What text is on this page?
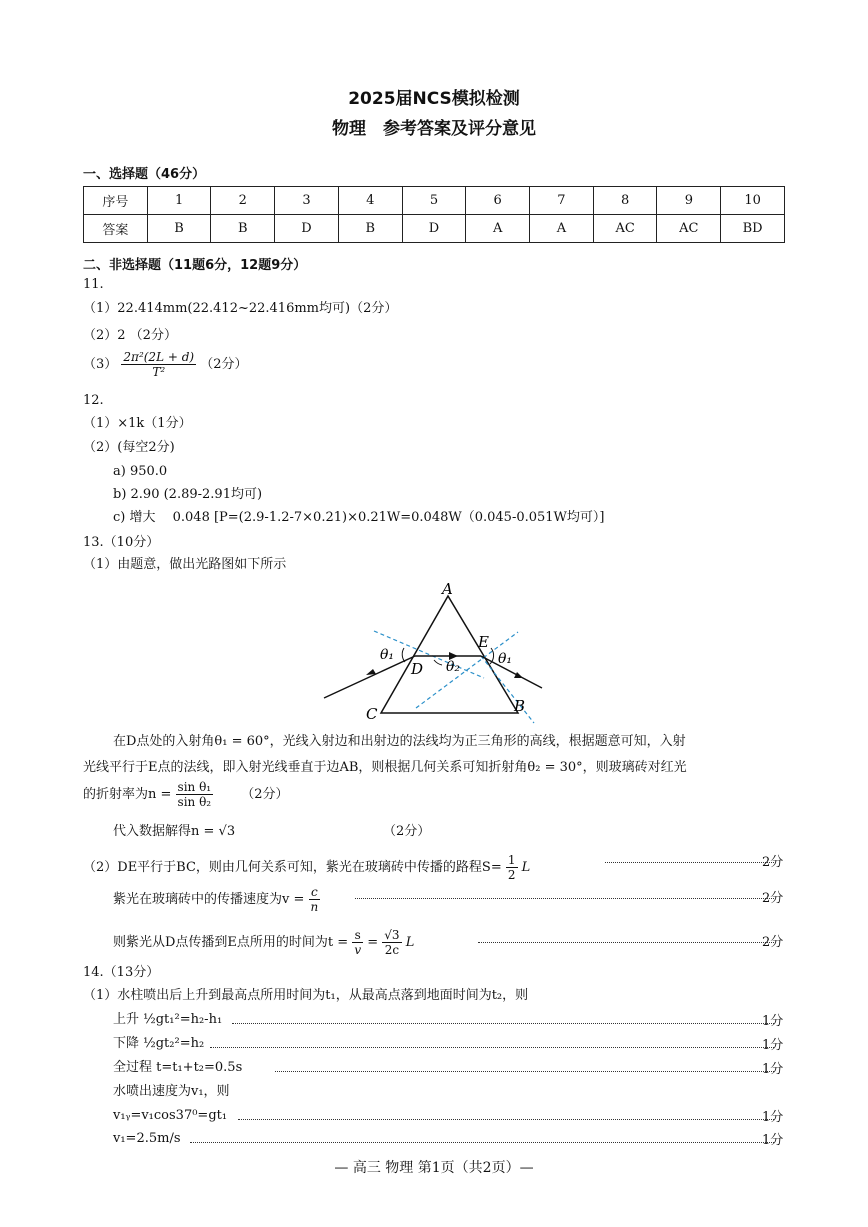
2025届NCS模拟检测
物理　参考答案及评分意见
一、选择题（46分）
序号	1	2	3	4	5	6	7	8	9	10
答案	B	B	D	B	D	A	A	AC	AC	BD
二、非选择题（11题6分，12题9分）
11.
（1）22.414mm(22.412~22.416mm均可)（2分）
（2）2 （2分）
$(3) \frac{\text{2π²(2L + d)}}{\text{T²}} (2$分）
12.
（1）×1k（1分）
（2）(每空2分)
a) 950.0
b) 2.90 (2.89-2.91均可)
c) 增大　 0.048 [P=(2.9-1.2-7×0.21)×0.21W=0.048W（0.045-0.051W均可）]
13.（10分）
（1）由题意，做出光路图如下所示
A
B
C
D
E
θ₁
θ₂	θ₁
在D点处的入射角θ₁ = 60°，光线入射边和出射边的法线均为正三角形的高线，根据题意可知，入射
光线平行于E点的法线，即入射光线垂直于边AB，则根据几何关系可知折射角θ₂ = 30°，则玻璃砖对红光
的折射率为$n = \frac{\text{sin θ₁}}{\text{sin θ₂}} (2$分）
代入数据解得n = √3	（2分）
（2）DE平行于BC，则由几何关系可知，紫光在玻璃砖中传播的路程$S= \frac{1}{2}$ L	2分
紫光在玻璃砖中的传播速度为$v = \frac{c}{n}$	2分
则紫光从D点传播到E点所用的时间为$t = \frac{s}{v} = \frac{√3}{2c}$ L	2分
14.（13分）
（1）水柱喷出后上升到最高点所用时间为t₁，从最高点落到地面时间为t₂，则
上升 ½gt₁²=h₂-h₁	1分
下降 ½gt₂²=h₂	1分
全过程 t=t₁+t₂=0.5s	1分
水喷出速度为v₁，则
v₁ᵧ=v₁cos37⁰=gt₁	1分
v₁=2.5m/s	1分
— 高三 物理 第1页（共2页）—
